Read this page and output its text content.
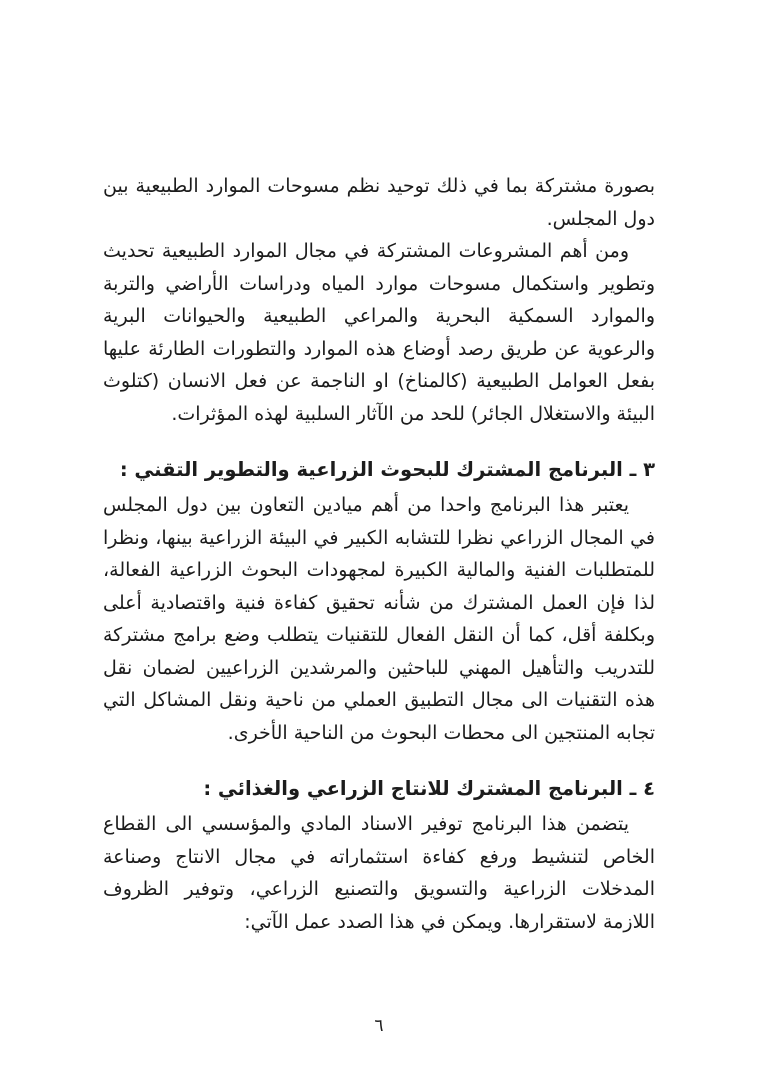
بصورة مشتركة بما في ذلك توحيد نظم مسوحات الموارد الطبيعية بين دول المجلس.

ومن أهم المشروعات المشتركة في مجال الموارد الطبيعية تحديث وتطوير واستكمال مسوحات موارد المياه ودراسات الأراضي والتربة والموارد السمكية البحرية والمراعي الطبيعية والحيوانات البرية والرعوية عن طريق رصد أوضاع هذه الموارد والتطورات الطارئة عليها بفعل العوامل الطبيعية (كالمناخ) او الناجمة عن فعل الانسان (كتلوث البيئة والاستغلال الجائر) للحد من الآثار السلبية لهذه المؤثرات.

٣ ـ البرنامج المشترك للبحوث الزراعية والتطوير التقني :

يعتبر هذا البرنامج واحدا من أهم ميادين التعاون بين دول المجلس في المجال الزراعي نظرا للتشابه الكبير في البيئة الزراعية بينها، ونظرا للمتطلبات الفنية والمالية الكبيرة لمجهودات البحوث الزراعية الفعالة، لذا فإن العمل المشترك من شأنه تحقيق كفاءة فنية واقتصادية أعلى وبكلفة أقل، كما أن النقل الفعال للتقنيات يتطلب وضع برامج مشتركة للتدريب والتأهيل المهني للباحثين والمرشدين الزراعيين لضمان نقل هذه التقنيات الى مجال التطبيق العملي من ناحية ونقل المشاكل التي تجابه المنتجين الى محطات البحوث من الناحية الأخرى.

٤ ـ البرنامج المشترك للانتاج الزراعي والغذائي :

يتضمن هذا البرنامج توفير الاسناد المادي والمؤسسي الى القطاع الخاص لتنشيط ورفع كفاءة استثماراته في مجال الانتاج وصناعة المدخلات الزراعية والتسويق والتصنيع الزراعي، وتوفير الظروف اللازمة لاستقرارها. ويمكن في هذا الصدد عمل الآتي:

٦
